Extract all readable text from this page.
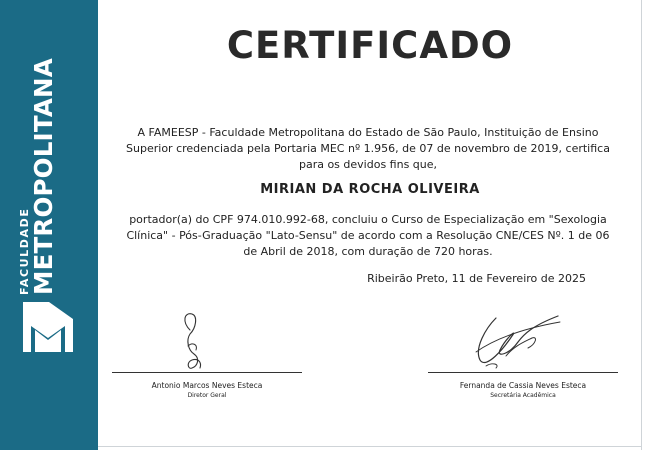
FACULDADE
METROPOLITANA
CERTIFICADO
A FAMEESP - Faculdade Metropolitana do Estado de São Paulo, Instituição de Ensino Superior credenciada pela Portaria MEC nº 1.956, de 07 de novembro de 2019, certifica para os devidos fins que,
MIRIAN DA ROCHA OLIVEIRA
portador(a) do CPF 974.010.992-68, concluiu o Curso de Especialização em "Sexologia Clínica" - Pós-Graduação "Lato-Sensu" de acordo com a Resolução CNE/CES Nº. 1 de 06 de Abril de 2018, com duração de 720 horas.
Ribeirão Preto, 11 de Fevereiro de 2025
Antonio Marcos Neves Esteca
Diretor Geral
Fernanda de Cassia Neves Esteca
Secretária Acadêmica
